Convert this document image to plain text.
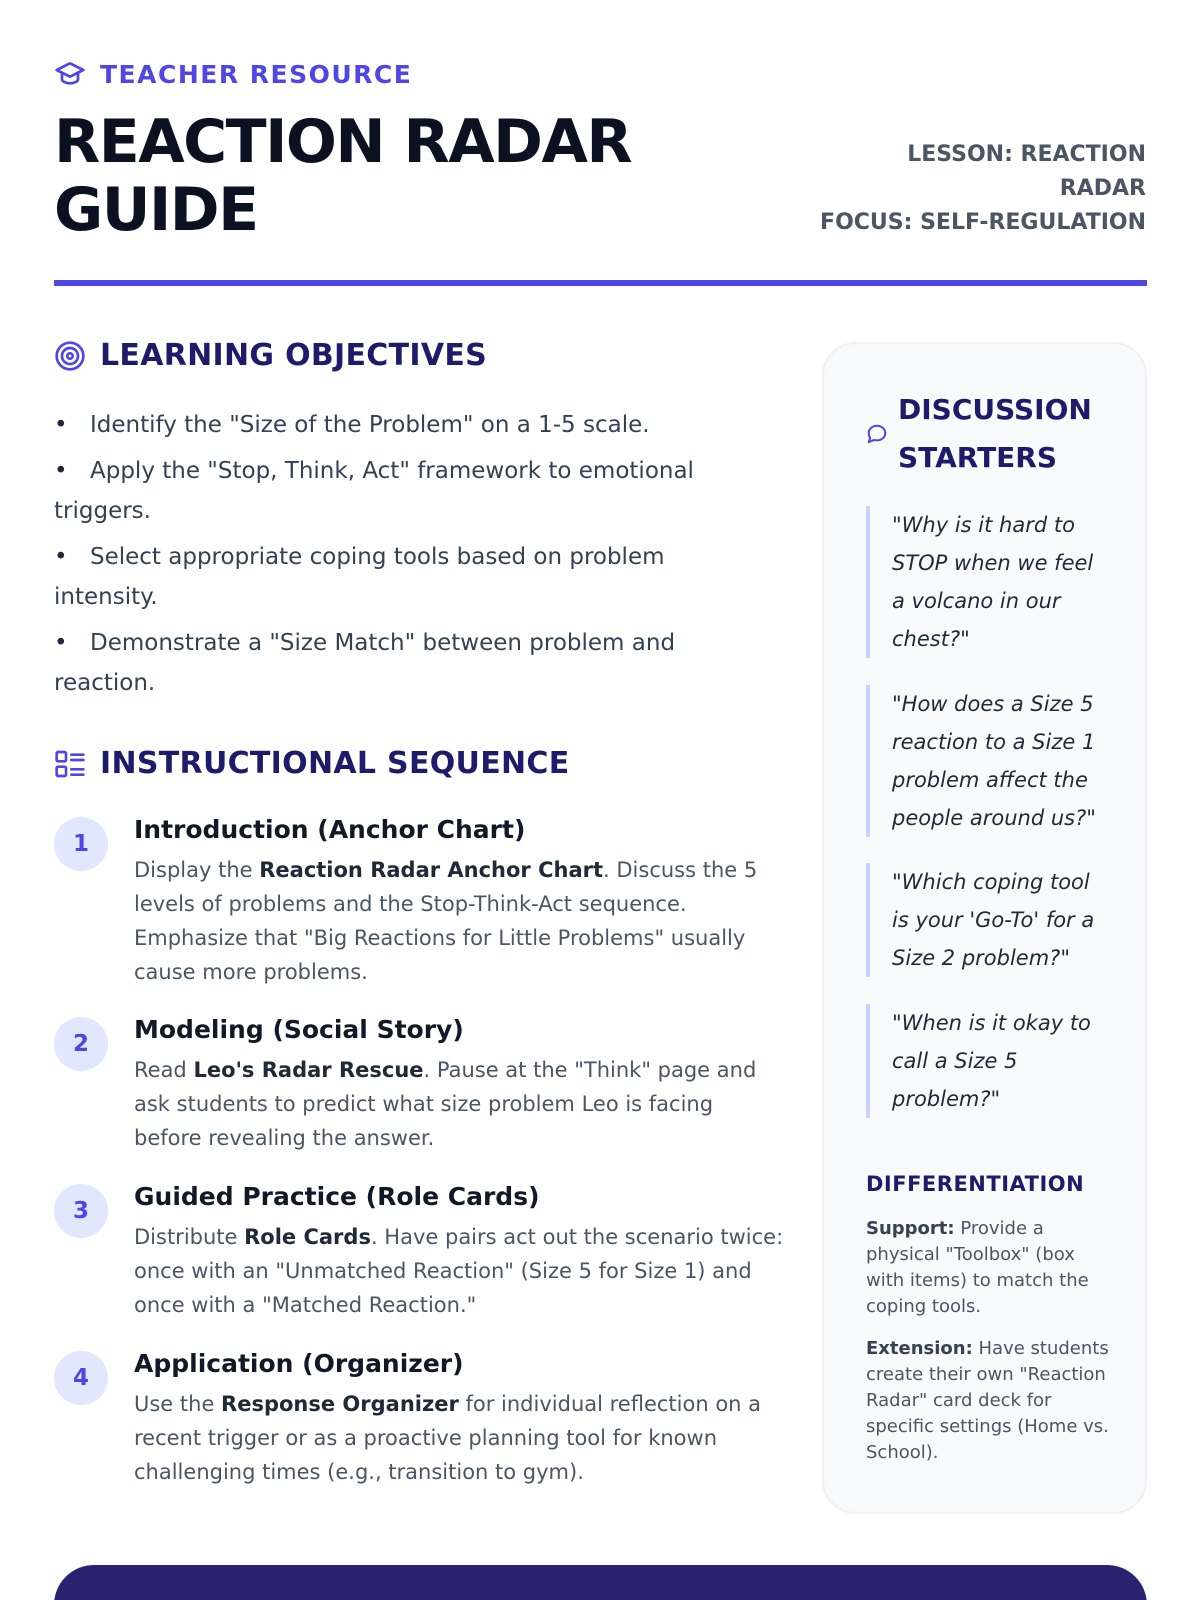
TEACHER RESOURCE
REACTION RADAR
GUIDE
LESSON: REACTION RADAR
FOCUS: SELF-REGULATION
LEARNING OBJECTIVES
• Identify the "Size of the Problem" on a 1-5 scale.
• Apply the "Stop, Think, Act" framework to emotional triggers.
• Select appropriate coping tools based on problem intensity.
• Demonstrate a "Size Match" between problem and reaction.
INSTRUCTIONAL SEQUENCE
1	Introduction (Anchor Chart)
Display the Reaction Radar Anchor Chart. Discuss the 5 levels of problems and the Stop-Think-Act sequence. Emphasize that "Big Reactions for Little Problems" usually cause more problems.
2	Modeling (Social Story)
Read Leo's Radar Rescue. Pause at the "Think" page and ask students to predict what size problem Leo is facing before revealing the answer.
3	Guided Practice (Role Cards)
Distribute Role Cards. Have pairs act out the scenario twice: once with an "Unmatched Reaction" (Size 5 for Size 1) and once with a "Matched Reaction."
4	Application (Organizer)
Use the Response Organizer for individual reflection on a recent trigger or as a proactive planning tool for known challenging times (e.g., transition to gym).
DISCUSSION STARTERS
"Why is it hard to STOP when we feel a volcano in our chest?"
"How does a Size 5 reaction to a Size 1 problem affect the people around us?"
"Which coping tool is your 'Go-To' for a Size 2 problem?"
"When is it okay to call a Size 5 problem?"
DIFFERENTIATION
Support: Provide a physical "Toolbox" (box with items) to match the coping tools.
Extension: Have students create their own "Reaction Radar" card deck for specific settings (Home vs. School).
